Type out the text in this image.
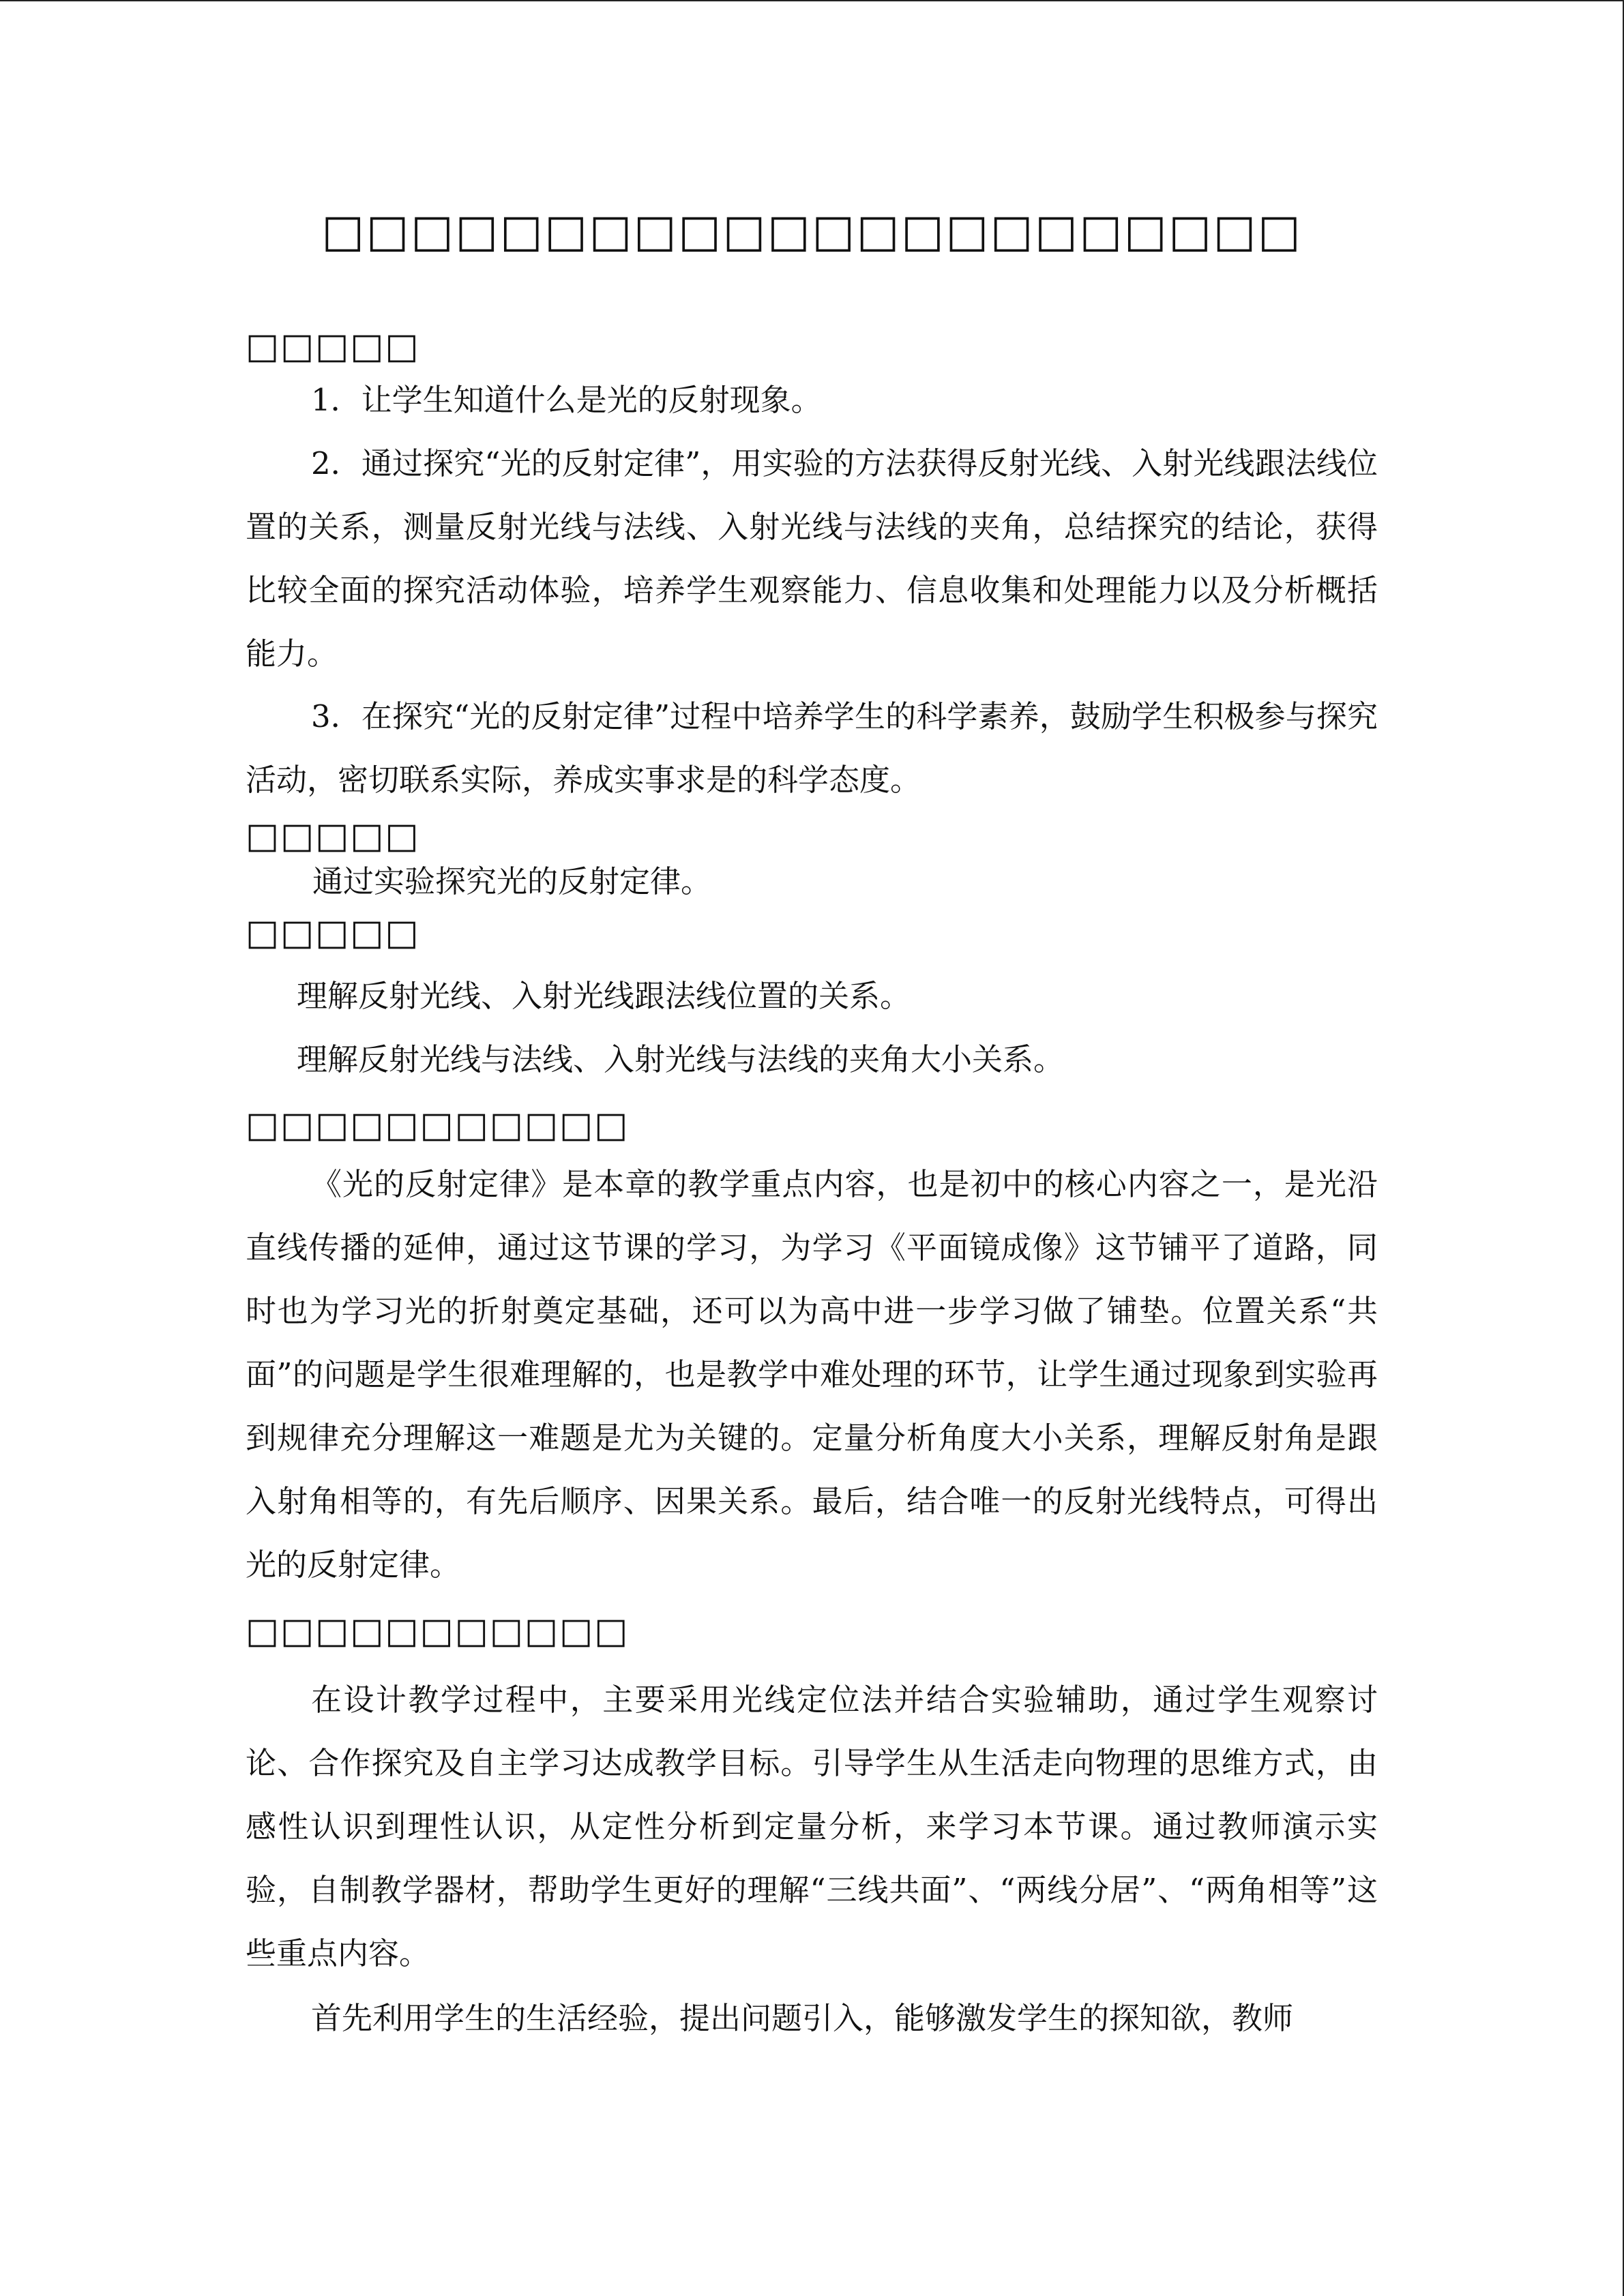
□□□□□□□□□□□□□□□□□□□□□□
□□□□□

1．让学生知道什么是光的反射现象。

2．通过探究“光的反射定律”，用实验的方法获得反射光线、入射光线跟法线位置的关系，测量反射光线与法线、入射光线与法线的夹角，总结探究的结论，获得比较全面的探究活动体验，培养学生观察能力、信息收集和处理能力以及分析概括能力。

3．在探究“光的反射定律”过程中培养学生的科学素养，鼓励学生积极参与探究活动，密切联系实际，养成实事求是的科学态度。

□□□□□

通过实验探究光的反射定律。

□□□□□

理解反射光线、入射光线跟法线位置的关系。

理解反射光线与法线、入射光线与法线的夹角大小关系。

□□□□□□□□□□□

《光的反射定律》是本章的教学重点内容，也是初中的核心内容之一，是光沿直线传播的延伸，通过这节课的学习，为学习《平面镜成像》这节铺平了道路，同时也为学习光的折射奠定基础，还可以为高中进一步学习做了铺垫。位置关系“共面”的问题是学生很难理解的，也是教学中难处理的环节，让学生通过现象到实验再到规律充分理解这一难题是尤为关键的。定量分析角度大小关系，理解反射角是跟入射角相等的，有先后顺序、因果关系。最后，结合唯一的反射光线特点，可得出光的反射定律。

□□□□□□□□□□□

在设计教学过程中，主要采用光线定位法并结合实验辅助，通过学生观察讨论、合作探究及自主学习达成教学目标。引导学生从生活走向物理的思维方式，由感性认识到理性认识，从定性分析到定量分析，来学习本节课。通过教师演示实验，自制教学器材，帮助学生更好的理解“三线共面”、“两线分居”、“两角相等”这些重点内容。

首先利用学生的生活经验，提出问题引入，能够激发学生的探知欲，教师
